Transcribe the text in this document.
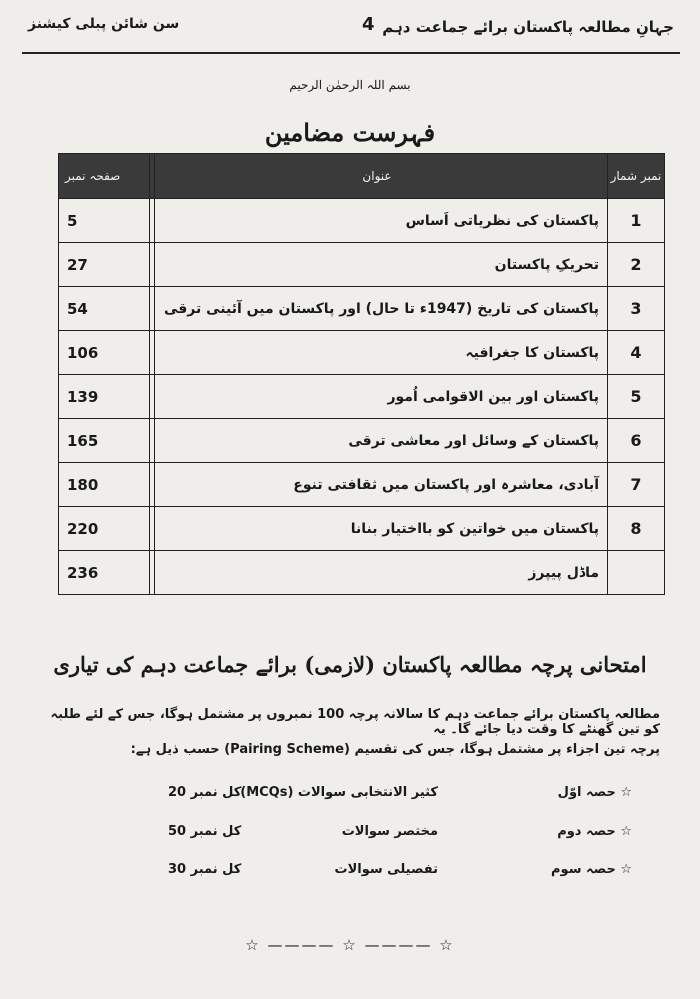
جہانِ مطالعہ پاکستان برائے جماعت دہم
4
سن شائن پبلی کیشنز
بسم اللہ الرحمٰن الرحیم
فہرست مضامین
صفحہ نمبر		عنوان	نمبر شمار
5		پاکستان کی نظریاتی اَساس	1
27		تحریکِ پاکستان	2
54		پاکستان کی تاریخ (1947ء تا حال) اور پاکستان میں آئینی ترقی	3
106		پاکستان کا جغرافیہ	4
139		پاکستان اور بین الاقوامی اُمور	5
165		پاکستان کے وسائل اور معاشی ترقی	6
180		آبادی، معاشرہ اور پاکستان میں ثقافتی تنوع	7
220		پاکستان میں خواتین کو بااختیار بنانا	8
236		ماڈل پیپرز	
امتحانی پرچہ مطالعہ پاکستان (لازمی) برائے جماعت دہم کی تیاری
مطالعہ پاکستان برائے جماعت دہم کا سالانہ پرچہ 100 نمبروں پر مشتمل ہوگا، جس کے لئے طلبہ کو تین گھنٹے کا وقت دیا جائے گا۔ یہ
پرچہ تین اجزاء پر مشتمل ہوگا، جس کی تقسیم (Pairing Scheme) حسب ذیل ہے:
☆ حصہ اوّل
کثیر الانتخابی سوالات (MCQs)
کل نمبر 20
☆ حصہ دوم
مختصر سوالات
کل نمبر 50
☆ حصہ سوم
تفصیلی سوالات
کل نمبر 30
☆ ———— ☆ ———— ☆
